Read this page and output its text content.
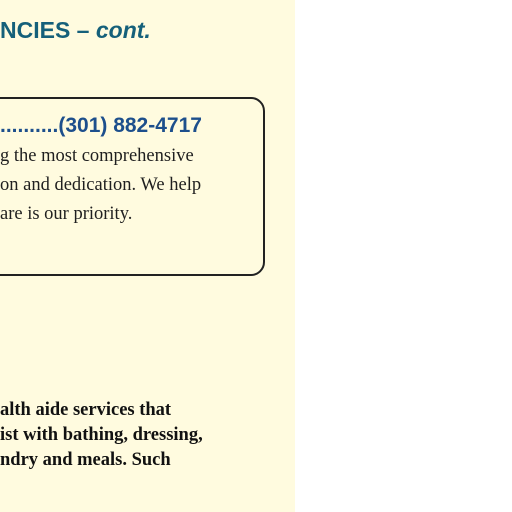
NCIES – cont.
..........(301) 882-4717
g the most comprehensive
on and dedication. We help
are is our priority.
alth aide services that
ist with bathing, dressing,
ndry and meals. Such
